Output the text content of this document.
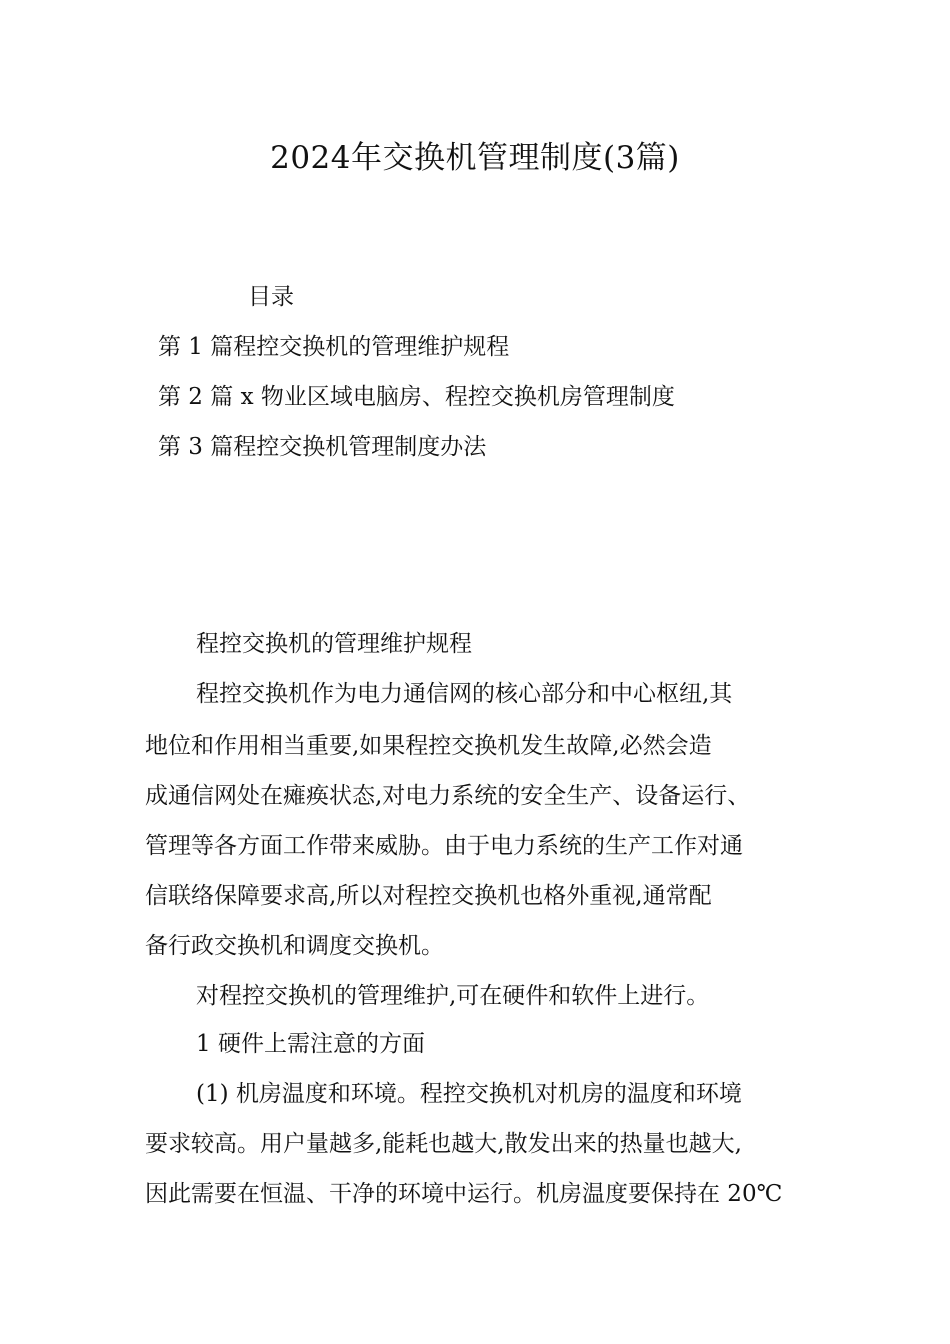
2024年交换机管理制度(3篇)
目录
第 1 篇程控交换机的管理维护规程
第 2 篇 x 物业区域电脑房、程控交换机房管理制度
第 3 篇程控交换机管理制度办法
程控交换机的管理维护规程
程控交换机作为电力通信网的核心部分和中心枢纽,其
地位和作用相当重要,如果程控交换机发生故障,必然会造
成通信网处在瘫痪状态,对电力系统的安全生产、设备运行、
管理等各方面工作带来威胁。由于电力系统的生产工作对通
信联络保障要求高,所以对程控交换机也格外重视,通常配
备行政交换机和调度交换机。
对程控交换机的管理维护,可在硬件和软件上进行。
1 硬件上需注意的方面
(1) 机房温度和环境。程控交换机对机房的温度和环境
要求较高。用户量越多,能耗也越大,散发出来的热量也越大,
因此需要在恒温、干净的环境中运行。机房温度要保持在 20℃
